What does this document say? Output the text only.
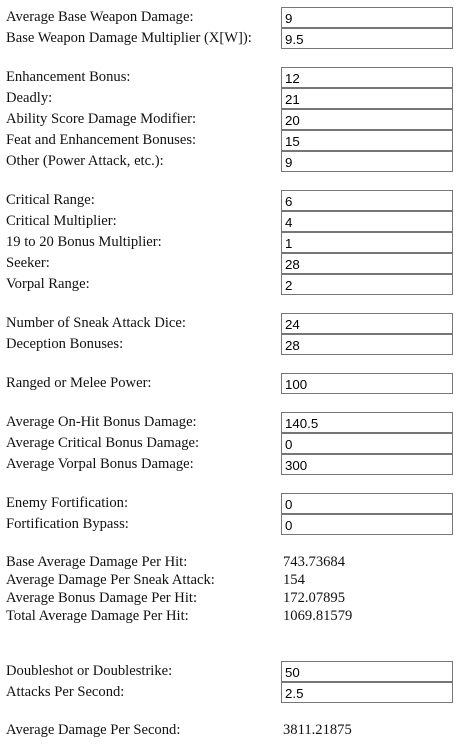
Average Base Weapon Damage:
9
Base Weapon Damage Multiplier (X[W]):
9.5
Enhancement Bonus:
12
Deadly:
21
Ability Score Damage Modifier:
20
Feat and Enhancement Bonuses:
15
Other (Power Attack, etc.):
9
Critical Range:
6
Critical Multiplier:
4
19 to 20 Bonus Multiplier:
1
Seeker:
28
Vorpal Range:
2
Number of Sneak Attack Dice:
24
Deception Bonuses:
28
Ranged or Melee Power:
100
Average On-Hit Bonus Damage:
140.5
Average Critical Bonus Damage:
0
Average Vorpal Bonus Damage:
300
Enemy Fortification:
0
Fortification Bypass:
0
Base Average Damage Per Hit:	743.73684
Average Damage Per Sneak Attack:	154
Average Bonus Damage Per Hit:	172.07895
Total Average Damage Per Hit:	1069.81579
Doubleshot or Doublestrike:
50
Attacks Per Second:
2.5
Average Damage Per Second:	3811.21875
